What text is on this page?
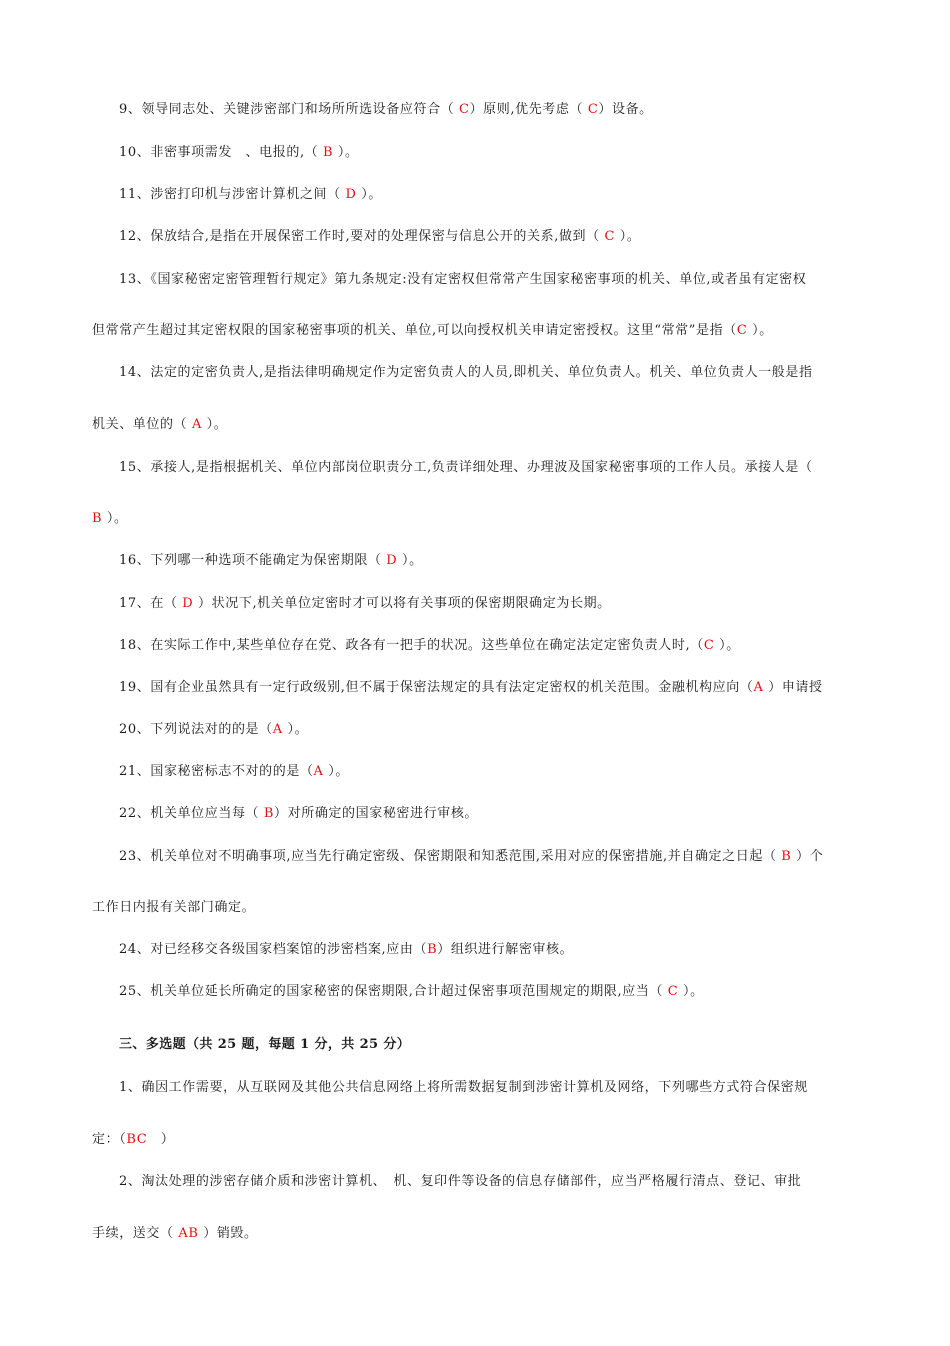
9、领导同志处、关键涉密部门和场所所选设备应符合（ C）原则,优先考虑（ C）设备。
10、非密事项需发　、电报的,（ B ）。
11、涉密打印机与涉密计算机之间（ D ）。
12、保放结合,是指在开展保密工作时,要对的处理保密与信息公开的关系,做到（ C ）。
13、《国家秘密定密管理暂行规定》第九条规定:没有定密权但常常产生国家秘密事项的机关、单位,或者虽有定密权
但常常产生超过其定密权限的国家秘密事项的机关、单位,可以向授权机关申请定密授权。这里“常常”是指（C ）。
14、法定的定密负责人,是指法律明确规定作为定密负责人的人员,即机关、单位负责人。机关、单位负责人一般是指
机关、单位的（ A ）。
15、承接人,是指根据机关、单位内部岗位职责分工,负责详细处理、办理波及国家秘密事项的工作人员。承接人是（
B ）。
16、下列哪一种选项不能确定为保密期限（ D ）。
17、在（ D ）状况下,机关单位定密时才可以将有关事项的保密期限确定为长期。
18、在实际工作中,某些单位存在党、政各有一把手的状况。这些单位在确定法定定密负责人时,（C ）。
19、国有企业虽然具有一定行政级别,但不属于保密法规定的具有法定定密权的机关范围。金融机构应向（A ）申请授
20、下列说法对的的是（A ）。
21、国家秘密标志不对的的是（A ）。
22、机关单位应当每（ B）对所确定的国家秘密进行审核。
23、机关单位对不明确事项,应当先行确定密级、保密期限和知悉范围,采用对应的保密措施,并自确定之日起（ B ）个
工作日内报有关部门确定。
24、对已经移交各级国家档案馆的涉密档案,应由（B）组织进行解密审核。
25、机关单位延长所确定的国家秘密的保密期限,合计超过保密事项范围规定的期限,应当（ C ）。
三、多选题（共 25 题，每题 1 分，共 25 分）
1、确因工作需要，从互联网及其他公共信息网络上将所需数据复制到涉密计算机及网络，下列哪些方式符合保密规
定：（BC　）
2、淘汰处理的涉密存储介质和涉密计算机、　机、复印件等设备的信息存储部件，应当严格履行清点、登记、审批
手续，送交（ AB ）销毁。
